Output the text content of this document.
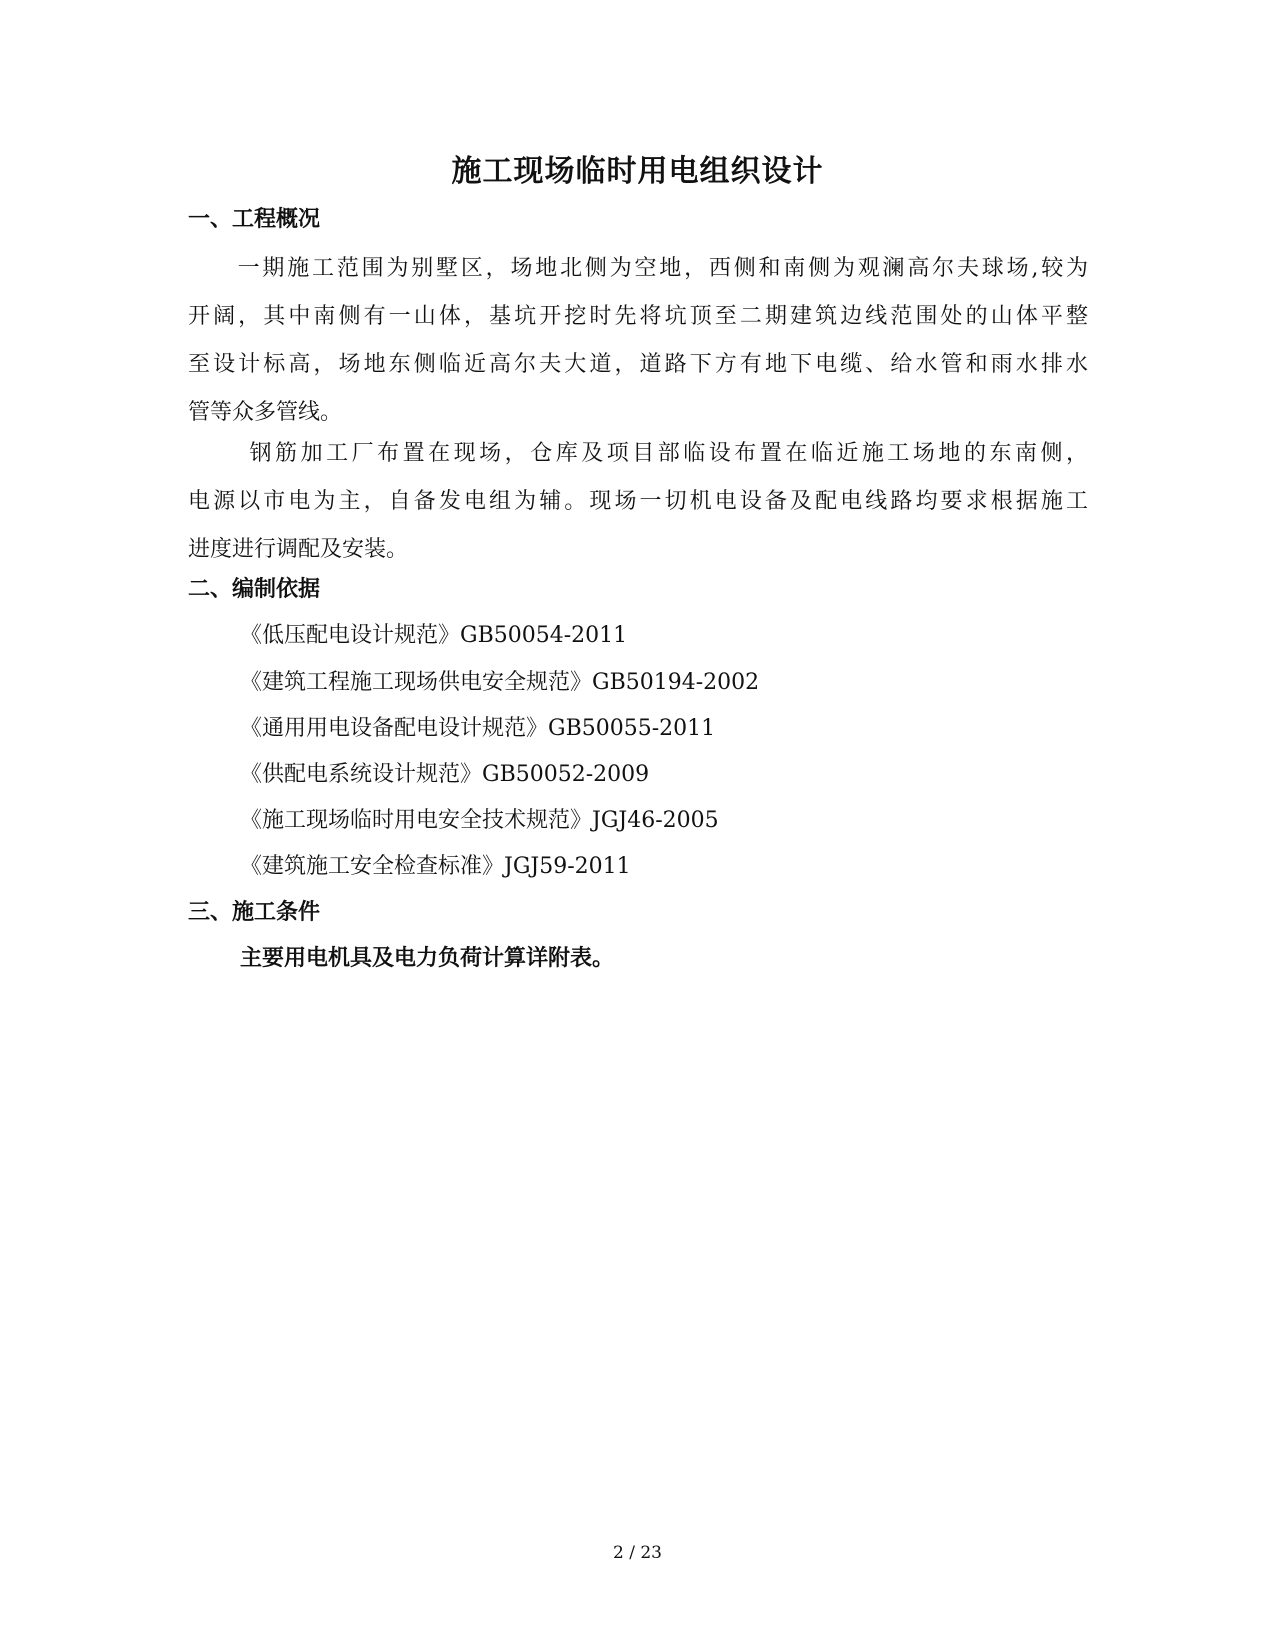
施工现场临时用电组织设计
一、工程概况
　　一期施工范围为别墅区，场地北侧为空地，西侧和南侧为观澜高尔夫球场,较为
开阔，其中南侧有一山体，基坑开挖时先将坑顶至二期建筑边线范围处的山体平整
至设计标高，场地东侧临近高尔夫大道，道路下方有地下电缆、给水管和雨水排水
管等众多管线。
　　 钢筋加工厂布置在现场，仓库及项目部临设布置在临近施工场地的东南侧，
电源以市电为主，自备发电组为辅。现场一切机电设备及配电线路均要求根据施工
进度进行调配及安装。
二、编制依据
《低压配电设计规范》GB50054-2011
《建筑工程施工现场供电安全规范》GB50194-2002
《通用用电设备配电设计规范》GB50055-2011
《供配电系统设计规范》GB50052-2009
《施工现场临时用电安全技术规范》JGJ46-2005
《建筑施工安全检查标准》JGJ59-2011
三、施工条件
主要用电机具及电力负荷计算详附表。
2 / 23
